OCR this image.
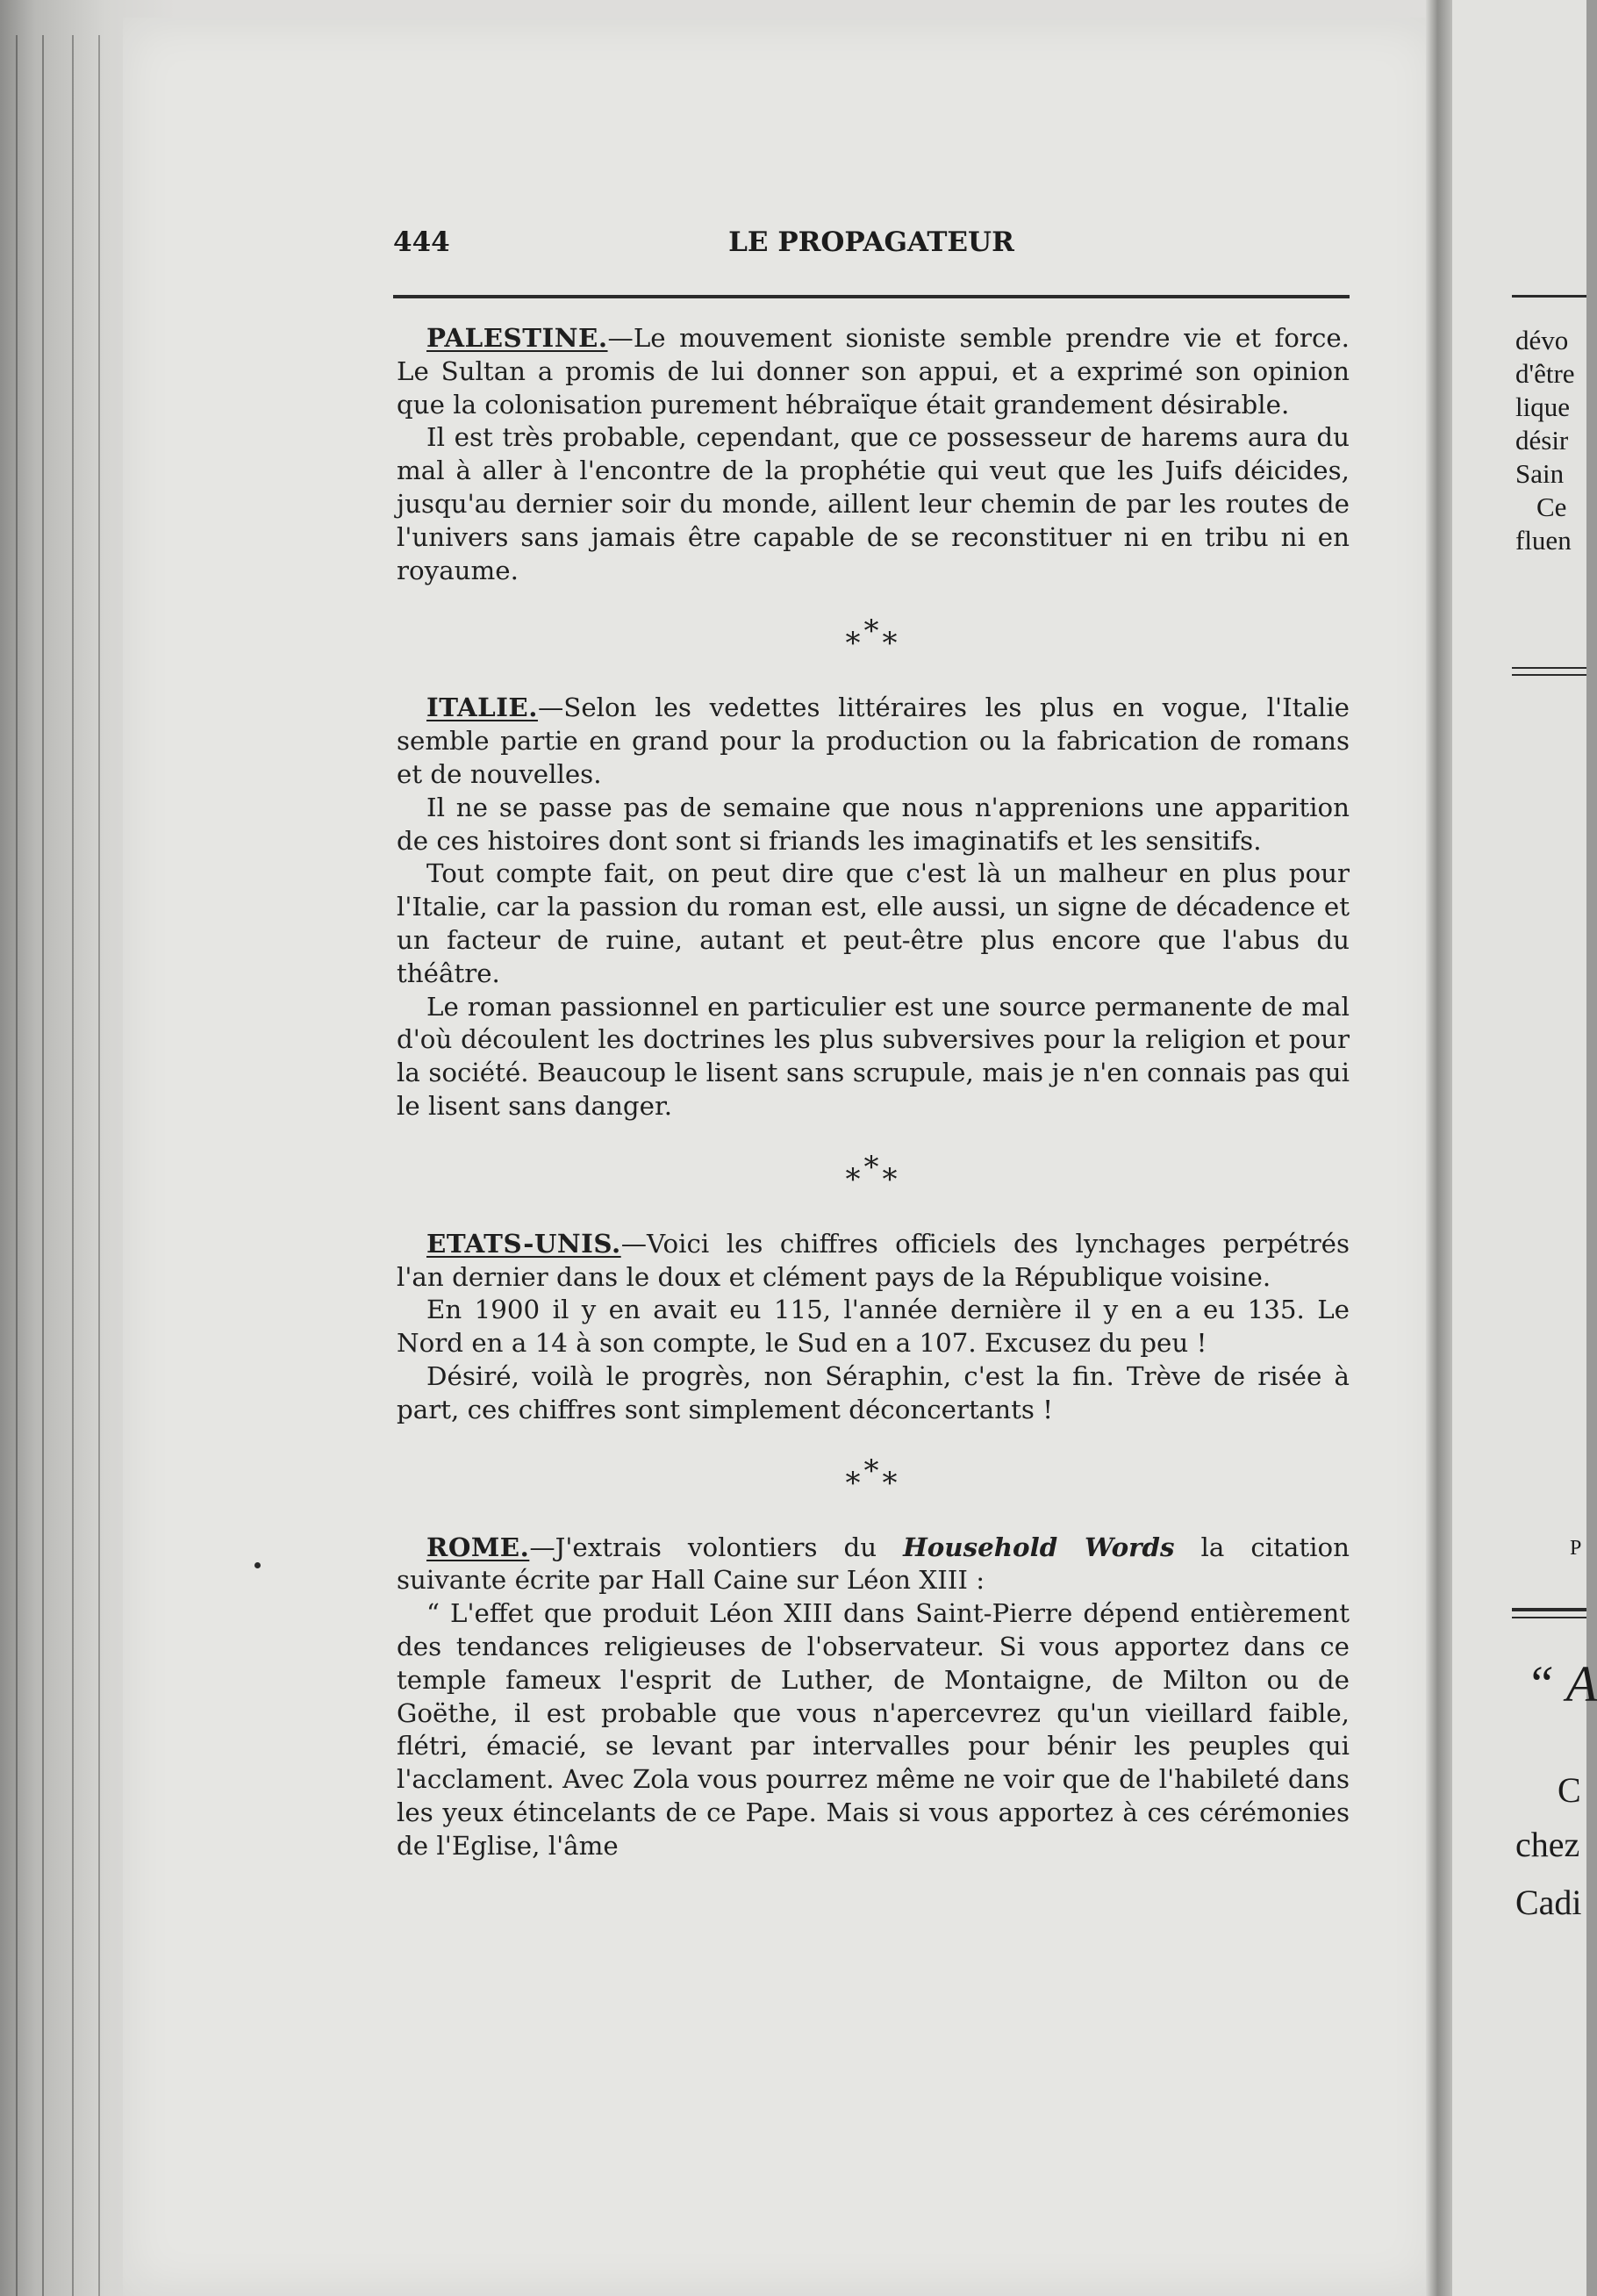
444	LE PROPAGATEUR

PALESTINE.—Le mouvement sioniste semble prendre vie et force. Le Sultan a promis de lui donner son appui, et a exprimé son opinion que la colonisation purement hébraïque était grandement désirable.

Il est très probable, cependant, que ce possesseur de harems aura du mal à aller à l'encontre de la prophétie qui veut que les Juifs déicides, jusqu'au dernier soir du monde, aillent leur chemin de par les routes de l'univers sans jamais être capable de se reconstituer ni en tribu ni en royaume.

***

ITALIE.—Selon les vedettes littéraires les plus en vogue, l'Italie semble partie en grand pour la production ou la fabrication de romans et de nouvelles.

Il ne se passe pas de semaine que nous n'apprenions une apparition de ces histoires dont sont si friands les imaginatifs et les sensitifs.

Tout compte fait, on peut dire que c'est là un malheur en plus pour l'Italie, car la passion du roman est, elle aussi, un signe de décadence et un facteur de ruine, autant et peut-être plus encore que l'abus du théâtre.

Le roman passionnel en particulier est une source permanente de mal d'où découlent les doctrines les plus subversives pour la religion et pour la société. Beaucoup le lisent sans scrupule, mais je n'en connais pas qui le lisent sans danger.

***

ETATS-UNIS.—Voici les chiffres officiels des lynchages perpétrés l'an dernier dans le doux et clément pays de la République voisine.

En 1900 il y en avait eu 115, l'année dernière il y en a eu 135. Le Nord en a 14 à son compte, le Sud en a 107. Excusez du peu !

Désiré, voilà le progrès, non Séraphin, c'est la fin. Trève de risée à part, ces chiffres sont simplement déconcertants !

***

ROME.—J'extrais volontiers du Household Words la citation suivante écrite par Hall Caine sur Léon XIII :

“ L'effet que produit Léon XIII dans Saint-Pierre dépend entièrement des tendances religieuses de l'observateur. Si vous apportez dans ce temple fameux l'esprit de Luther, de Montaigne, de Milton ou de Goëthe, il est probable que vous n'apercevrez qu'un vieillard faible, flétri, émacié, se levant par intervalles pour bénir les peuples qui l'acclament. Avec Zola vous pourrez même ne voir que de l'habileté dans les yeux étincelants de ce Pape. Mais si vous apportez à ces cérémonies de l'Eglise, l'âme

dévo
d'être
lique
désir
Sain
Ce
fluen
P
“ A
C
chez
Cadi
